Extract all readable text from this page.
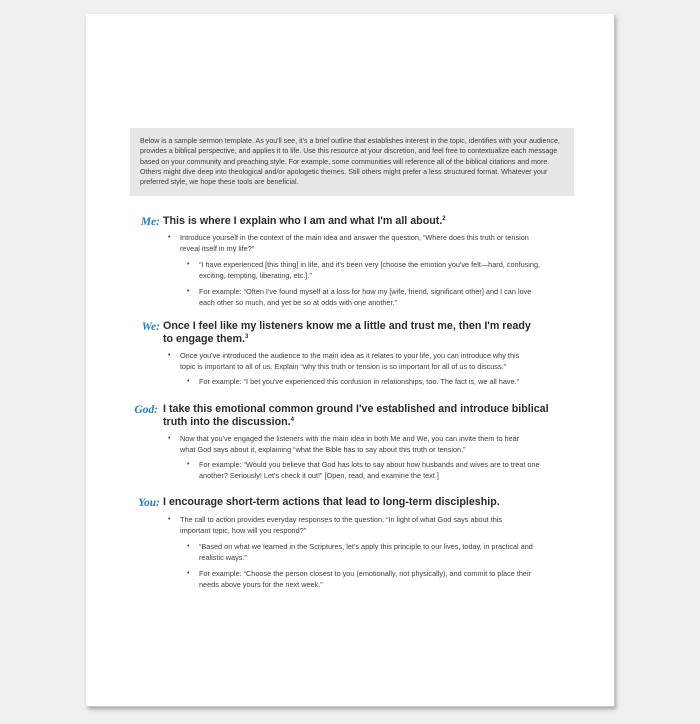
Below is a sample sermon template. As you'll see, it's a brief outline that establishes interest in the topic, identifies with your audience, provides a biblical perspective, and applies it to life. Use this resource at your discretion, and feel free to contextualize each message based on your community and preaching style. For example, some communities will reference all of the biblical citations and more. Others might dive deep into theological and/or apologetic themes. Still others might prefer a less structured format. Whatever your preferred style, we hope these tools are beneficial.

Me: This is where I explain who I am and what I'm all about.$^2$

• Introduce yourself in the context of the main idea and answer the question, “Where does this truth or tension reveal itself in my life?”

• “I have experienced [this thing] in life, and it's been very [choose the emotion you've felt—hard, confusing, exciting, tempting, liberating, etc.].”

• For example: “Often I've found myself at a loss for how my [wife, friend, significant other] and I can love each other so much, and yet be so at odds with one another.”

We: Once I feel like my listeners know me a little and trust me, then I'm ready to engage them.$^3$

• Once you've introduced the audience to the main idea as it relates to your life, you can introduce why this topic is important to all of us. Explain “why this truth or tension is so important for all of us to discuss.”

• For example: “I bet you've experienced this confusion in relationships, too. The fact is, we all have.”

God: I take this emotional common ground I've established and introduce biblical truth into the discussion.$^4$

• Now that you've engaged the listeners with the main idea in both Me and We, you can invite them to hear what God says about it, explaining “what the Bible has to say about this truth or tension.”

• For example: “Would you believe that God has lots to say about how husbands and wives are to treat one another? Seriously! Let's check it out!” [Open, read, and examine the text.]

You: I encourage short-term actions that lead to long-term discipleship.

• The call to action provides everyday responses to the question, “In light of what God says about this important topic, how will you respond?”

• “Based on what we learned in the Scriptures, let's apply this principle to our lives, today, in practical and realistic ways.”

• For example: “Choose the person closest to you (emotionally, not physically), and commit to place their needs above yours for the next week.”
